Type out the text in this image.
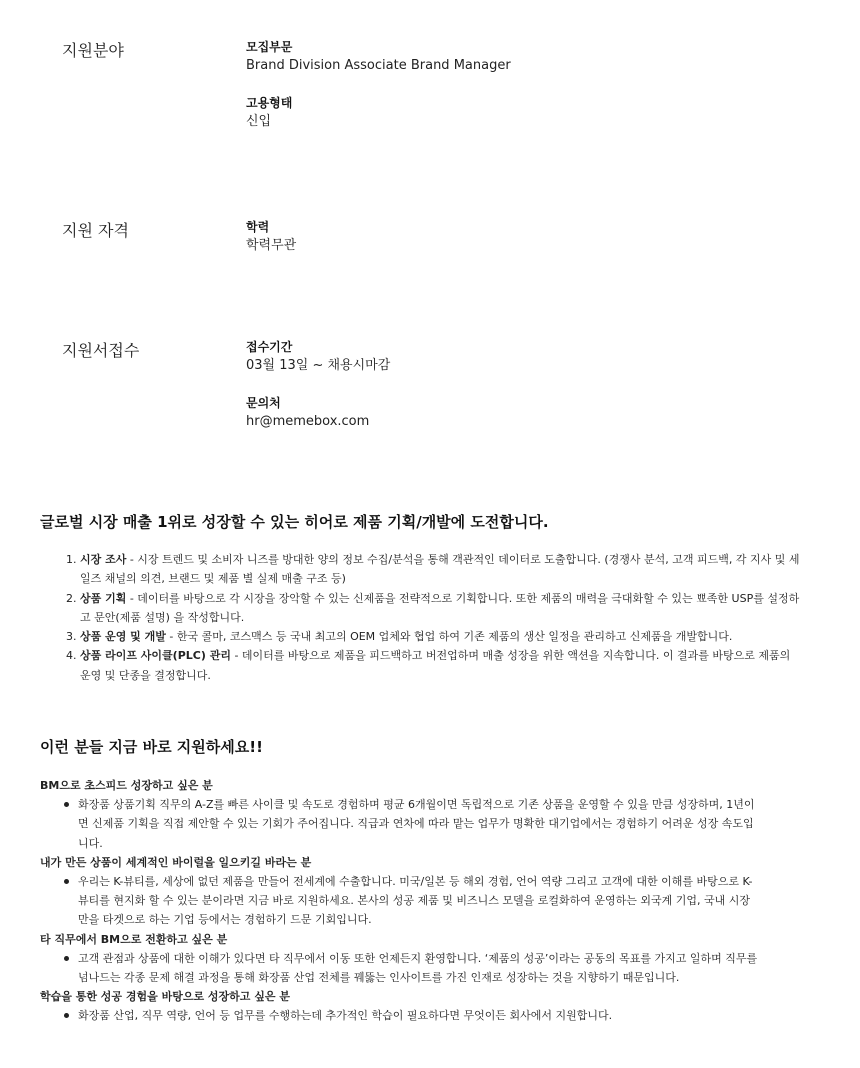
지원분야	모집부문
Brand Division Associate Brand Manager
고용형태
신입
지원 자격	학력
학력무관
지원서접수	접수기간
03월 13일 ~ 채용시마감
문의처
hr@memebox.com
글로벌 시장 매출 1위로 성장할 수 있는 히어로 제품 기획/개발에 도전합니다.
1. 시장 조사 - 시장 트렌드 및 소비자 니즈를 방대한 양의 정보 수집/분석을 통해 객관적인 데이터로 도출합니다. (경쟁사 분석, 고객 피드백, 각 지사 및 세일즈 채널의 의견, 브랜드 및 제품 별 실제 매출 구조 등)
2. 상품 기획 - 데이터를 바탕으로 각 시장을 장악할 수 있는 신제품을 전략적으로 기획합니다. 또한 제품의 매력을 극대화할 수 있는 뾰족한 USP를 설정하고 문안(제품 설명) 을 작성합니다.
3. 상품 운영 및 개발 - 한국 콜마, 코스맥스 등 국내 최고의 OEM 업체와 협업 하여 기존 제품의 생산 일정을 관리하고 신제품을 개발합니다.
4. 상품 라이프 사이클(PLC) 관리 - 데이터를 바탕으로 제품을 피드백하고 버전업하며 매출 성장을 위한 액션을 지속합니다. 이 결과를 바탕으로 제품의 운영 및 단종을 결정합니다.
이런 분들 지금 바로 지원하세요!!
BM으로 초스피드 성장하고 싶은 분
화장품 상품기획 직무의 A-Z를 빠른 사이클 및 속도로 경험하며 평균 6개월이면 독립적으로 기존 상품을 운영할 수 있을 만큼 성장하며, 1년이면 신제품 기획을 직접 제안할 수 있는 기회가 주어집니다. 직급과 연차에 따라 맡는 업무가 명확한 대기업에서는 경험하기 어려운 성장 속도입니다.
내가 만든 상품이 세계적인 바이럴을 일으키길 바라는 분
우리는 K-뷰티를, 세상에 없던 제품을 만들어 전세계에 수출합니다. 미국/일본 등 해외 경험, 언어 역량 그리고 고객에 대한 이해를 바탕으로 K-뷰티를 현지화 할 수 있는 분이라면 지금 바로 지원하세요. 본사의 성공 제품 및 비즈니스 모델을 로컬화하여 운영하는 외국계 기업, 국내 시장 만을 타겟으로 하는 기업 등에서는 경험하기 드문 기회입니다.
타 직무에서 BM으로 전환하고 싶은 분
고객 관점과 상품에 대한 이해가 있다면 타 직무에서 이동 또한 언제든지 환영합니다. ‘제품의 성공’이라는 공동의 목표를 가지고 일하며 직무를 넘나드는 각종 문제 해결 과정을 통해 화장품 산업 전체를 꿰뚫는 인사이트를 가진 인재로 성장하는 것을 지향하기 때문입니다.
학습을 통한 성공 경험을 바탕으로 성장하고 싶은 분
화장품 산업, 직무 역량, 언어 등 업무를 수행하는데 추가적인 학습이 필요하다면 무엇이든 회사에서 지원합니다.
